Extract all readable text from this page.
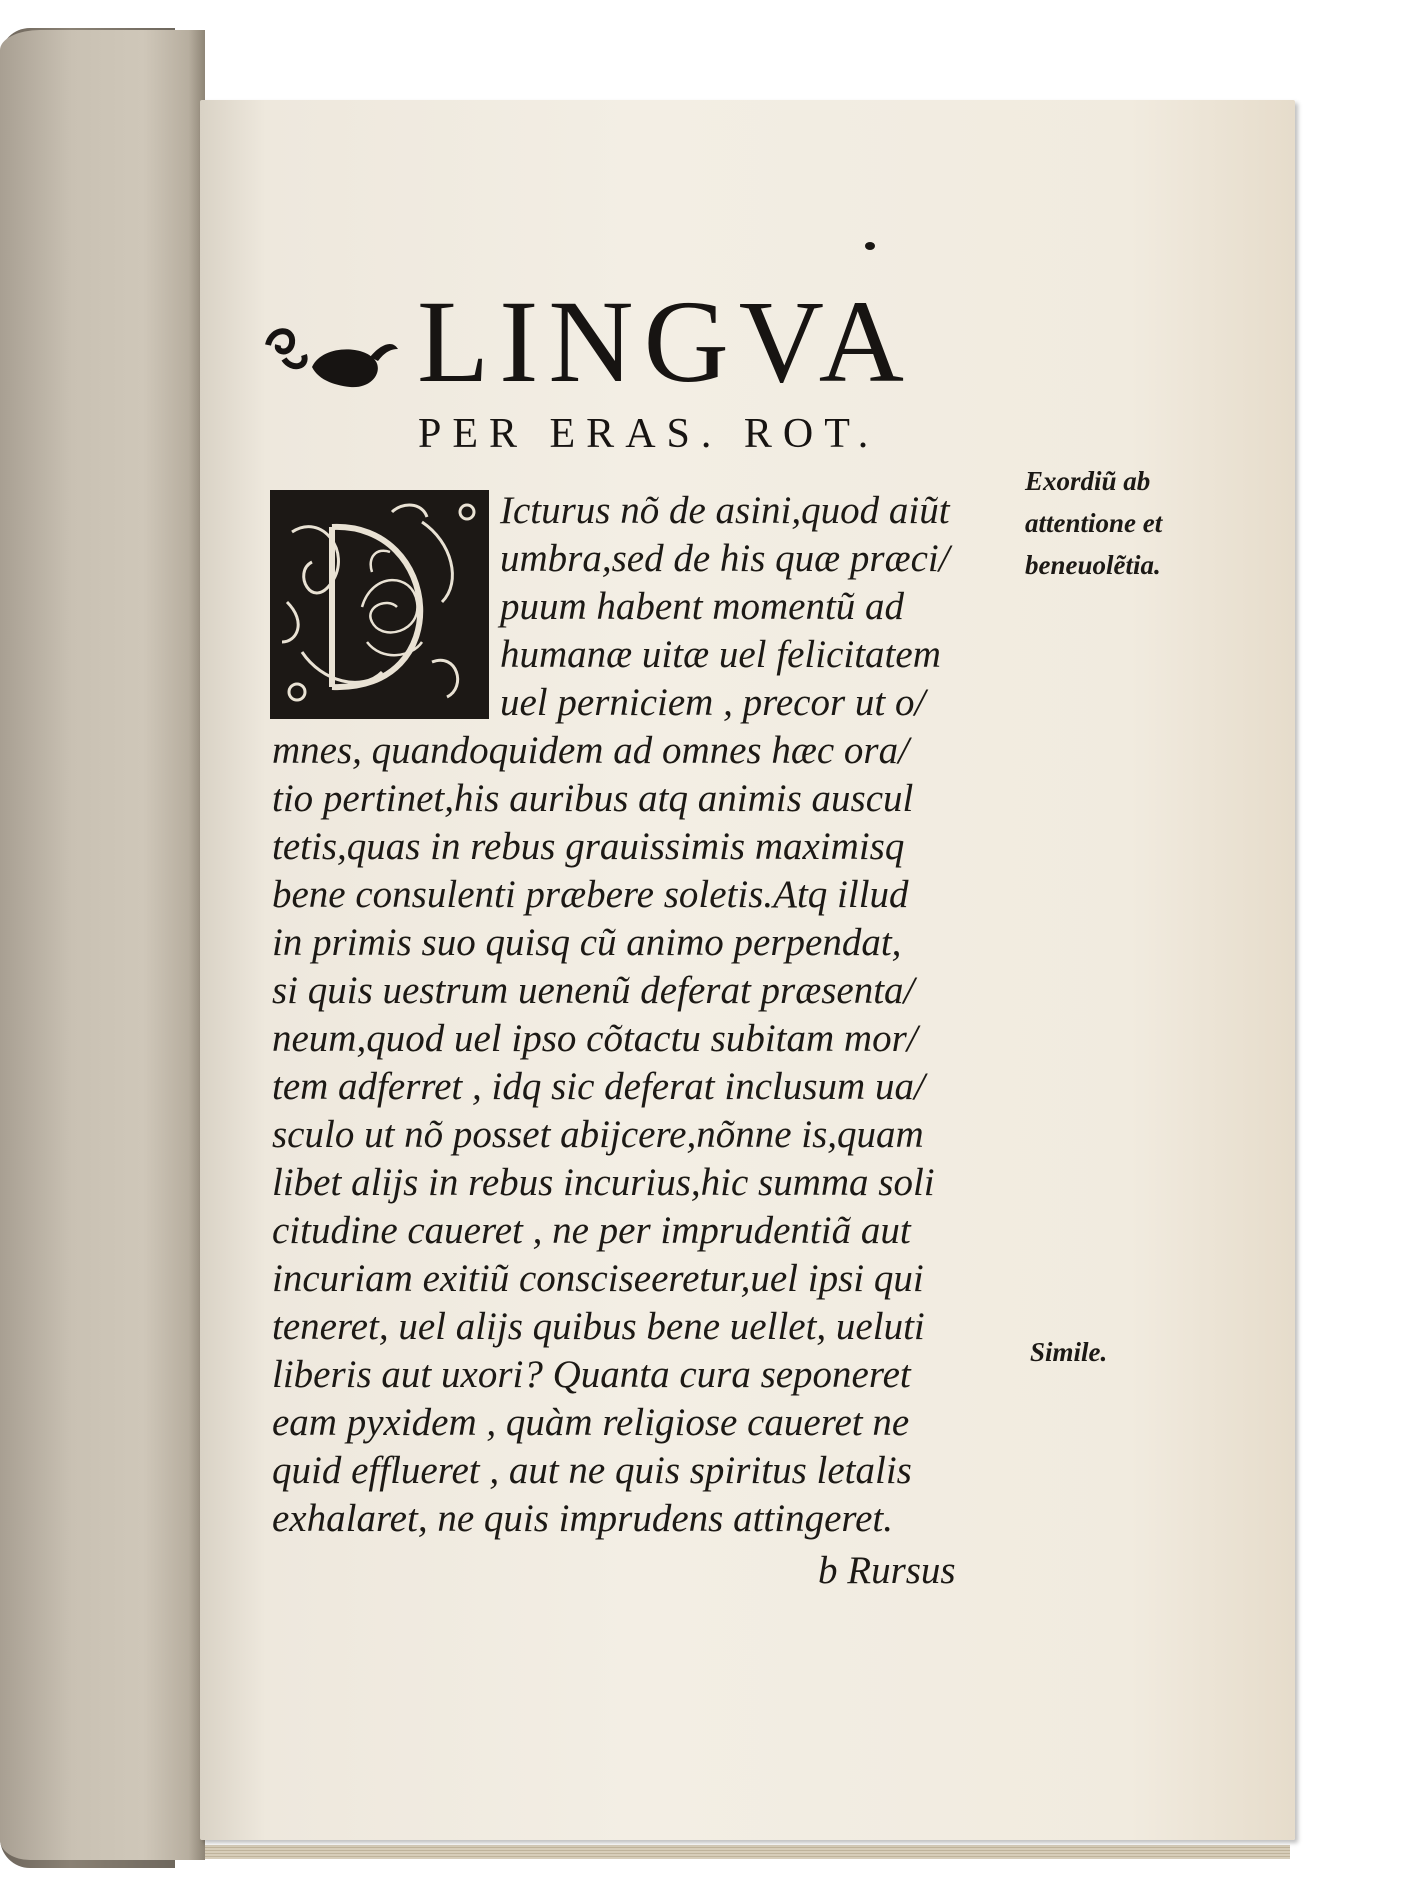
LINGVA
PER ERAS. ROT.
Icturus nõ de asini,quod aiũt
umbra,sed de his quæ præci/
puum habent momentũ ad
humanæ uitæ uel felicitatem
uel perniciem , precor ut o/
mnes, quandoquidem ad omnes hæc ora/
tio pertinet,his auribus atq animis auscul
tetis,quas in rebus grauissimis maximisq
bene consulenti præbere soletis.Atq illud
in primis suo quisq cũ animo perpendat,
si quis uestrum uenenũ deferat præsenta/
neum,quod uel ipso cõtactu subitam mor/
tem adferret , idq sic deferat inclusum ua/
sculo ut nõ posset abijcere,nõnne is,quam
libet alijs in rebus incurius,hic summa soli
citudine caueret , ne per imprudentiã aut
incuriam exitiũ consciseeretur,uel ipsi qui
teneret, uel alijs quibus bene uellet, ueluti
liberis aut uxori? Quanta cura seponeret
eam pyxidem , quàm religiose caueret ne
quid efflueret , aut ne quis spiritus letalis
exhalaret, ne quis imprudens attingeret.
b Rursus
Exordiũ ab
attentione et
beneuolẽtia.
Simile.
